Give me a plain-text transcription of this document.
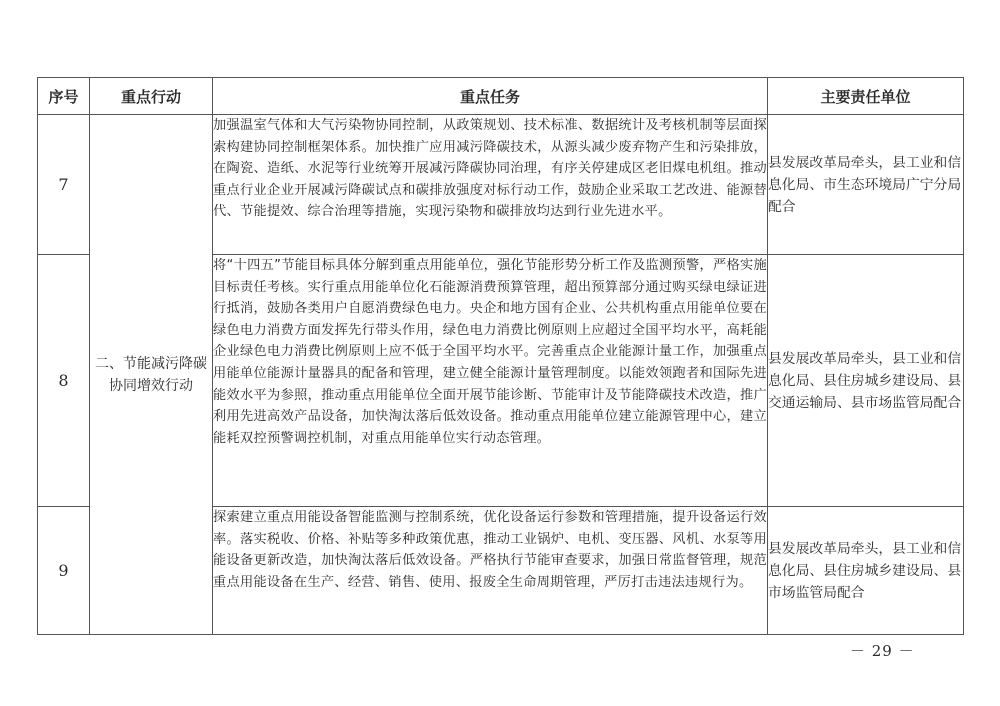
序号	重点行动	重点任务	主要责任单位
7	二、节能减污降碳协同增效行动	加强温室气体和大气污染物协同控制，从政策规划、技术标准、数据统计及考核机制等层面探索构建协同控制框架体系。加快推广应用减污降碳技术，从源头减少废弃物产生和污染排放，在陶瓷、造纸、水泥等行业统筹开展减污降碳协同治理，有序关停建成区老旧煤电机组。推动重点行业企业开展减污降碳试点和碳排放强度对标行动工作，鼓励企业采取工艺改进、能源替代、节能提效、综合治理等措施，实现污染物和碳排放均达到行业先进水平。	县发展改革局牵头，县工业和信息化局、市生态环境局广宁分局配合
8		将“十四五”节能目标具体分解到重点用能单位，强化节能形势分析工作及监测预警，严格实施目标责任考核。实行重点用能单位化石能源消费预算管理，超出预算部分通过购买绿电绿证进行抵消，鼓励各类用户自愿消费绿色电力。央企和地方国有企业、公共机构重点用能单位要在绿色电力消费方面发挥先行带头作用，绿色电力消费比例原则上应超过全国平均水平，高耗能企业绿色电力消费比例原则上应不低于全国平均水平。完善重点企业能源计量工作，加强重点用能单位能源计量器具的配备和管理，建立健全能源计量管理制度。以能效领跑者和国际先进能效水平为参照，推动重点用能单位全面开展节能诊断、节能审计及节能降碳技术改造，推广利用先进高效产品设备，加快淘汰落后低效设备。推动重点用能单位建立能源管理中心，建立能耗双控预警调控机制，对重点用能单位实行动态管理。	县发展改革局牵头，县工业和信息化局、县住房城乡建设局、县交通运输局、县市场监管局配合
9		探索建立重点用能设备智能监测与控制系统，优化设备运行参数和管理措施，提升设备运行效率。落实税收、价格、补贴等多种政策优惠，推动工业锅炉、电机、变压器、风机、水泵等用能设备更新改造，加快淘汰落后低效设备。严格执行节能审查要求，加强日常监督管理，规范重点用能设备在生产、经营、销售、使用、报废全生命周期管理，严厉打击违法违规行为。	县发展改革局牵头，县工业和信息化局、县住房城乡建设局、县市场监管局配合
－ 29 －
